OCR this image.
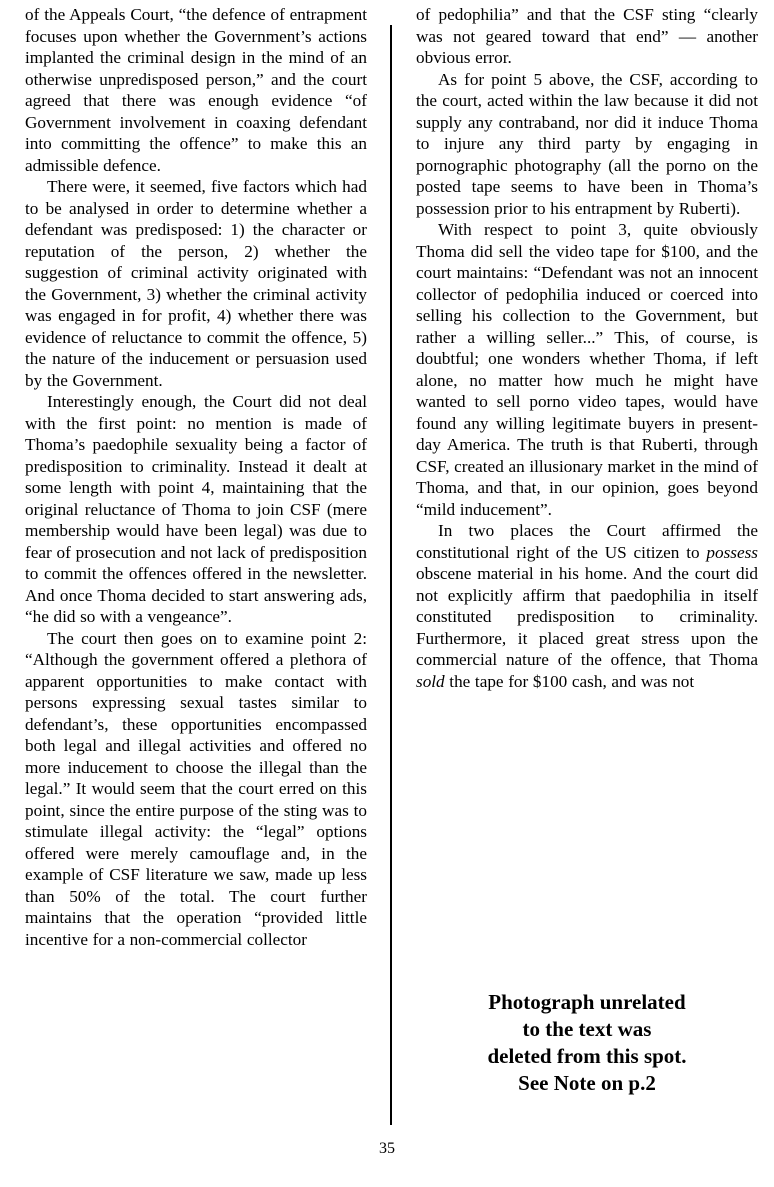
of the Appeals Court, “the defence of entrapment focuses upon whether the Government’s actions implanted the criminal design in the mind of an otherwise unpredisposed person,” and the court agreed that there was enough evidence “of Government involvement in coaxing defendant into committing the offence” to make this an admissible defence.

There were, it seemed, five factors which had to be analysed in order to determine whether a defendant was predisposed: 1) the character or reputation of the person, 2) whether the suggestion of criminal activity originated with the Government, 3) whether the criminal activity was engaged in for profit, 4) whether there was evidence of reluctance to commit the offence, 5) the nature of the inducement or persuasion used by the Government.

Interestingly enough, the Court did not deal with the first point: no mention is made of Thoma’s paedophile sexuality being a factor of predisposition to criminality. Instead it dealt at some length with point 4, maintaining that the original reluctance of Thoma to join CSF (mere membership would have been legal) was due to fear of prosecution and not lack of predisposition to commit the offences offered in the newsletter. And once Thoma decided to start answering ads, “he did so with a vengeance”.

The court then goes on to examine point 2: “Although the government offered a plethora of apparent opportunities to make contact with persons expressing sexual tastes similar to defendant’s, these opportunities encompassed both legal and illegal activities and offered no more inducement to choose the illegal than the legal.” It would seem that the court erred on this point, since the entire purpose of the sting was to stimulate illegal activity: the “legal” options offered were merely camouflage and, in the example of CSF literature we saw, made up less than 50% of the total. The court further maintains that the operation “provided little incentive for a non-commercial collector

of pedophilia” and that the CSF sting “clearly was not geared toward that end” — another obvious error.

As for point 5 above, the CSF, according to the court, acted within the law because it did not supply any contraband, nor did it induce Thoma to injure any third party by engaging in pornographic photography (all the porno on the posted tape seems to have been in Thoma’s possession prior to his entrapment by Ruberti).

With respect to point 3, quite obviously Thoma did sell the video tape for $100, and the court maintains: “Defendant was not an innocent collector of pedophilia induced or coerced into selling his collection to the Government, but rather a willing seller...” This, of course, is doubtful; one wonders whether Thoma, if left alone, no matter how much he might have wanted to sell porno video tapes, would have found any willing legitimate buyers in present-day America. The truth is that Ruberti, through CSF, created an illusionary market in the mind of Thoma, and that, in our opinion, goes beyond “mild inducement”.

In two places the Court affirmed the constitutional right of the US citizen to possess obscene material in his home. And the court did not explicitly affirm that paedophilia in itself constituted predisposition to criminality. Furthermore, it placed great stress upon the commercial nature of the offence, that Thoma sold the tape for $100 cash, and was not

Photograph unrelated
to the text was
deleted from this spot.
See Note on p.2
35
